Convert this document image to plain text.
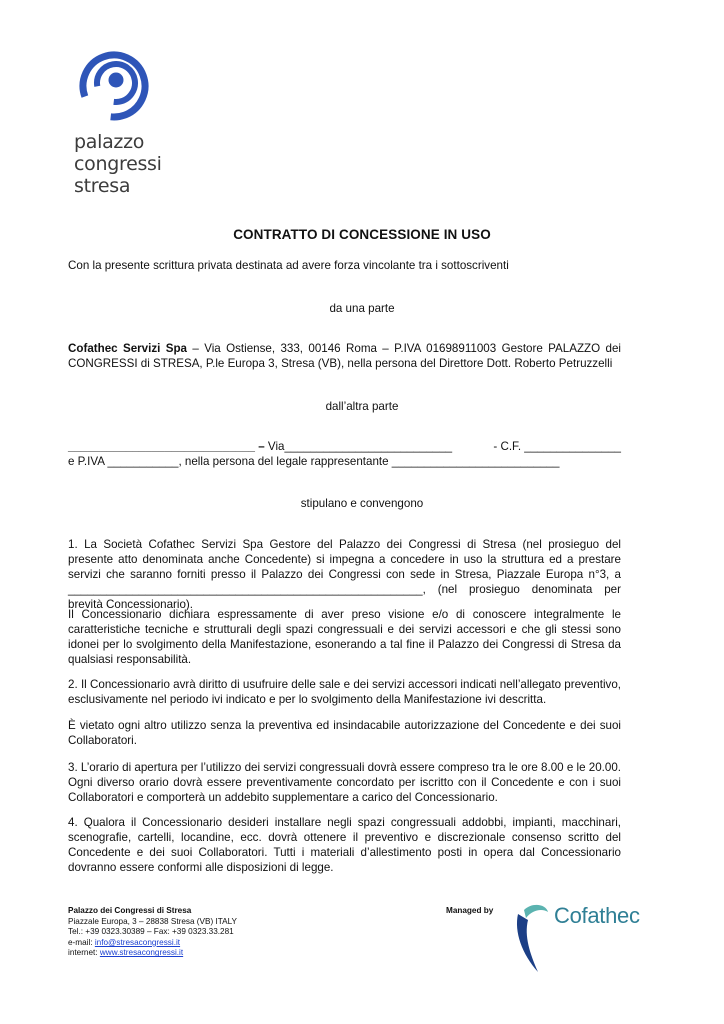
palazzo
congressi
stresa
CONTRATTO DI CONCESSIONE IN USO
Con la presente scrittura privata destinata ad avere forza vincolante tra i sottoscriventi
da una parte
Cofathec Servizi Spa – Via Ostiense, 333, 00146 Roma – P.IVA 01698911003 Gestore PALAZZO dei CONGRESSI di STRESA, P.le Europa 3, Stresa (VB), nella persona del Direttore Dott. Roberto Petruzzelli
dall’altra parte
_____________________________ – Via__________________________	- C.F. _______________
e P.IVA ___________, nella persona del legale rappresentante __________________________
stipulano e convengono
1. La Società Cofathec Servizi Spa Gestore del Palazzo dei Congressi di Stresa (nel prosieguo del presente atto denominata anche Concedente) si impegna a concedere in uso la struttura ed a prestare servizi che saranno forniti presso il Palazzo dei Congressi con sede in Stresa, Piazzale Europa n°3, a _______________________________________________________, (nel prosieguo denominata per brevità Concessionario).
Il Concessionario dichiara espressamente di aver preso visione e/o di conoscere integralmente le caratteristiche tecniche e strutturali degli spazi congressuali e dei servizi accessori e che gli stessi sono idonei per lo svolgimento della Manifestazione, esonerando a tal fine il Palazzo dei Congressi di Stresa da qualsiasi responsabilità.
2. Il Concessionario avrà diritto di usufruire delle sale e dei servizi accessori indicati nell’allegato preventivo, esclusivamente nel periodo ivi indicato e per lo svolgimento della Manifestazione ivi descritta.
È vietato ogni altro utilizzo senza la preventiva ed insindacabile autorizzazione del Concedente e dei suoi Collaboratori.
3. L’orario di apertura per l’utilizzo dei servizi congressuali dovrà essere compreso tra le ore 8.00 e le 20.00. Ogni diverso orario dovrà essere preventivamente concordato per iscritto con il Concedente e con i suoi Collaboratori e comporterà un addebito supplementare a carico del Concessionario.
4. Qualora il Concessionario desideri installare negli spazi congressuali addobbi, impianti, macchinari, scenografie, cartelli, locandine, ecc. dovrà ottenere il preventivo e discrezionale consenso scritto del Concedente e dei suoi Collaboratori. Tutti i materiali d’allestimento posti in opera dal Concessionario dovranno essere conformi alle disposizioni di legge.
Palazzo dei Congressi di Stresa
Piazzale Europa, 3 – 28838 Stresa (VB) ITALY
Tel.: +39 0323.30389 – Fax: +39 0323.33.281
e-mail: info@stresacongressi.it
internet: www.stresacongressi.it
Managed by	Cofathec
